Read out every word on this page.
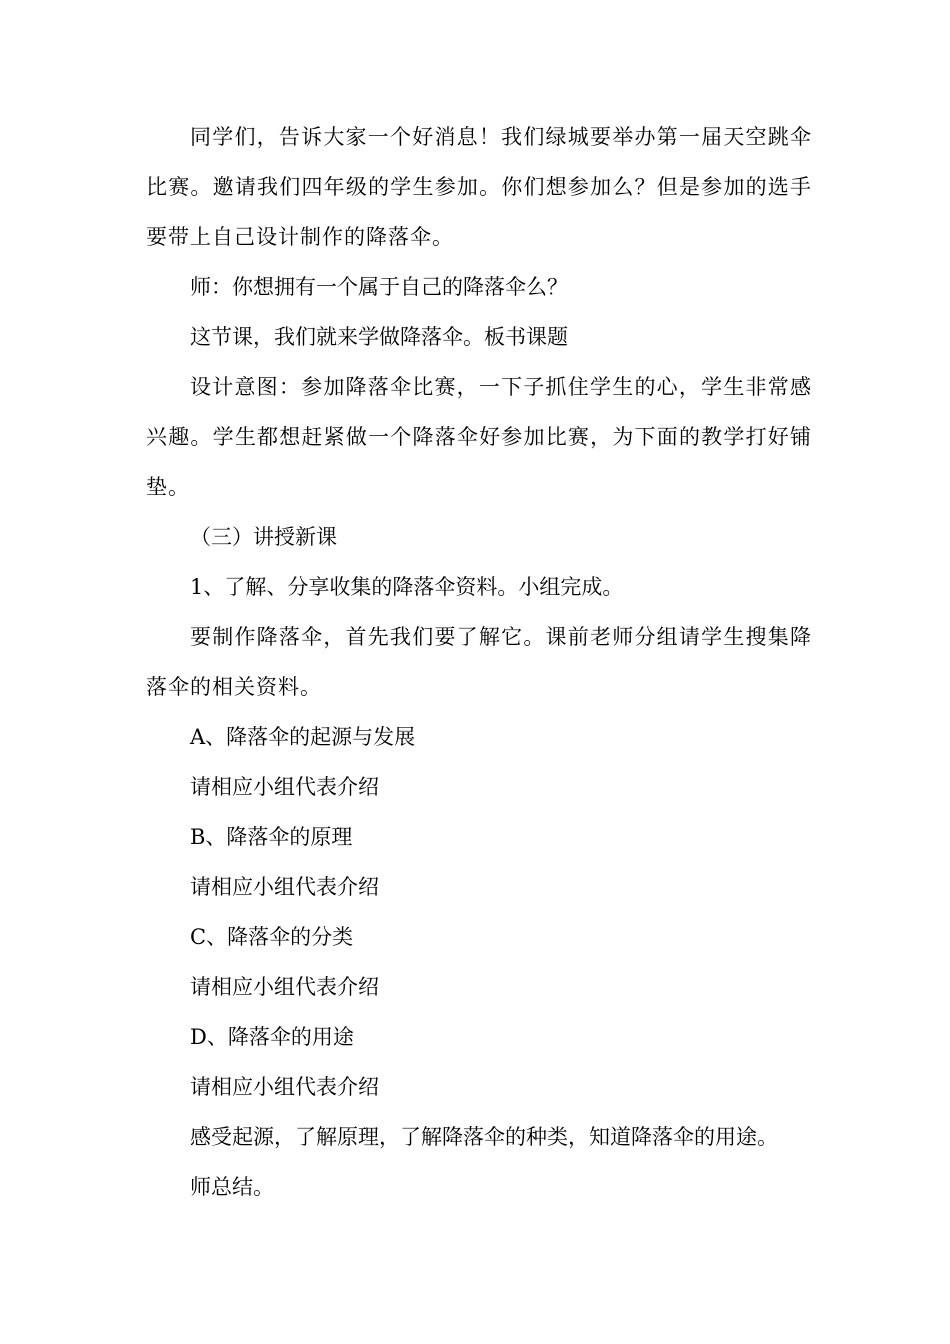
同学们，告诉大家一个好消息！我们绿城要举办第一届天空跳伞比赛。邀请我们四年级的学生参加。你们想参加么？但是参加的选手要带上自己设计制作的降落伞。

师：你想拥有一个属于自己的降落伞么？

这节课，我们就来学做降落伞。板书课题

设计意图：参加降落伞比赛，一下子抓住学生的心，学生非常感兴趣。学生都想赶紧做一个降落伞好参加比赛，为下面的教学打好铺垫。

（三）讲授新课

1、了解、分享收集的降落伞资料。小组完成。

要制作降落伞，首先我们要了解它。课前老师分组请学生搜集降落伞的相关资料。

A、降落伞的起源与发展

请相应小组代表介绍

B、降落伞的原理

请相应小组代表介绍

C、降落伞的分类

请相应小组代表介绍

D、降落伞的用途

请相应小组代表介绍

感受起源，了解原理，了解降落伞的种类，知道降落伞的用途。

师总结。
